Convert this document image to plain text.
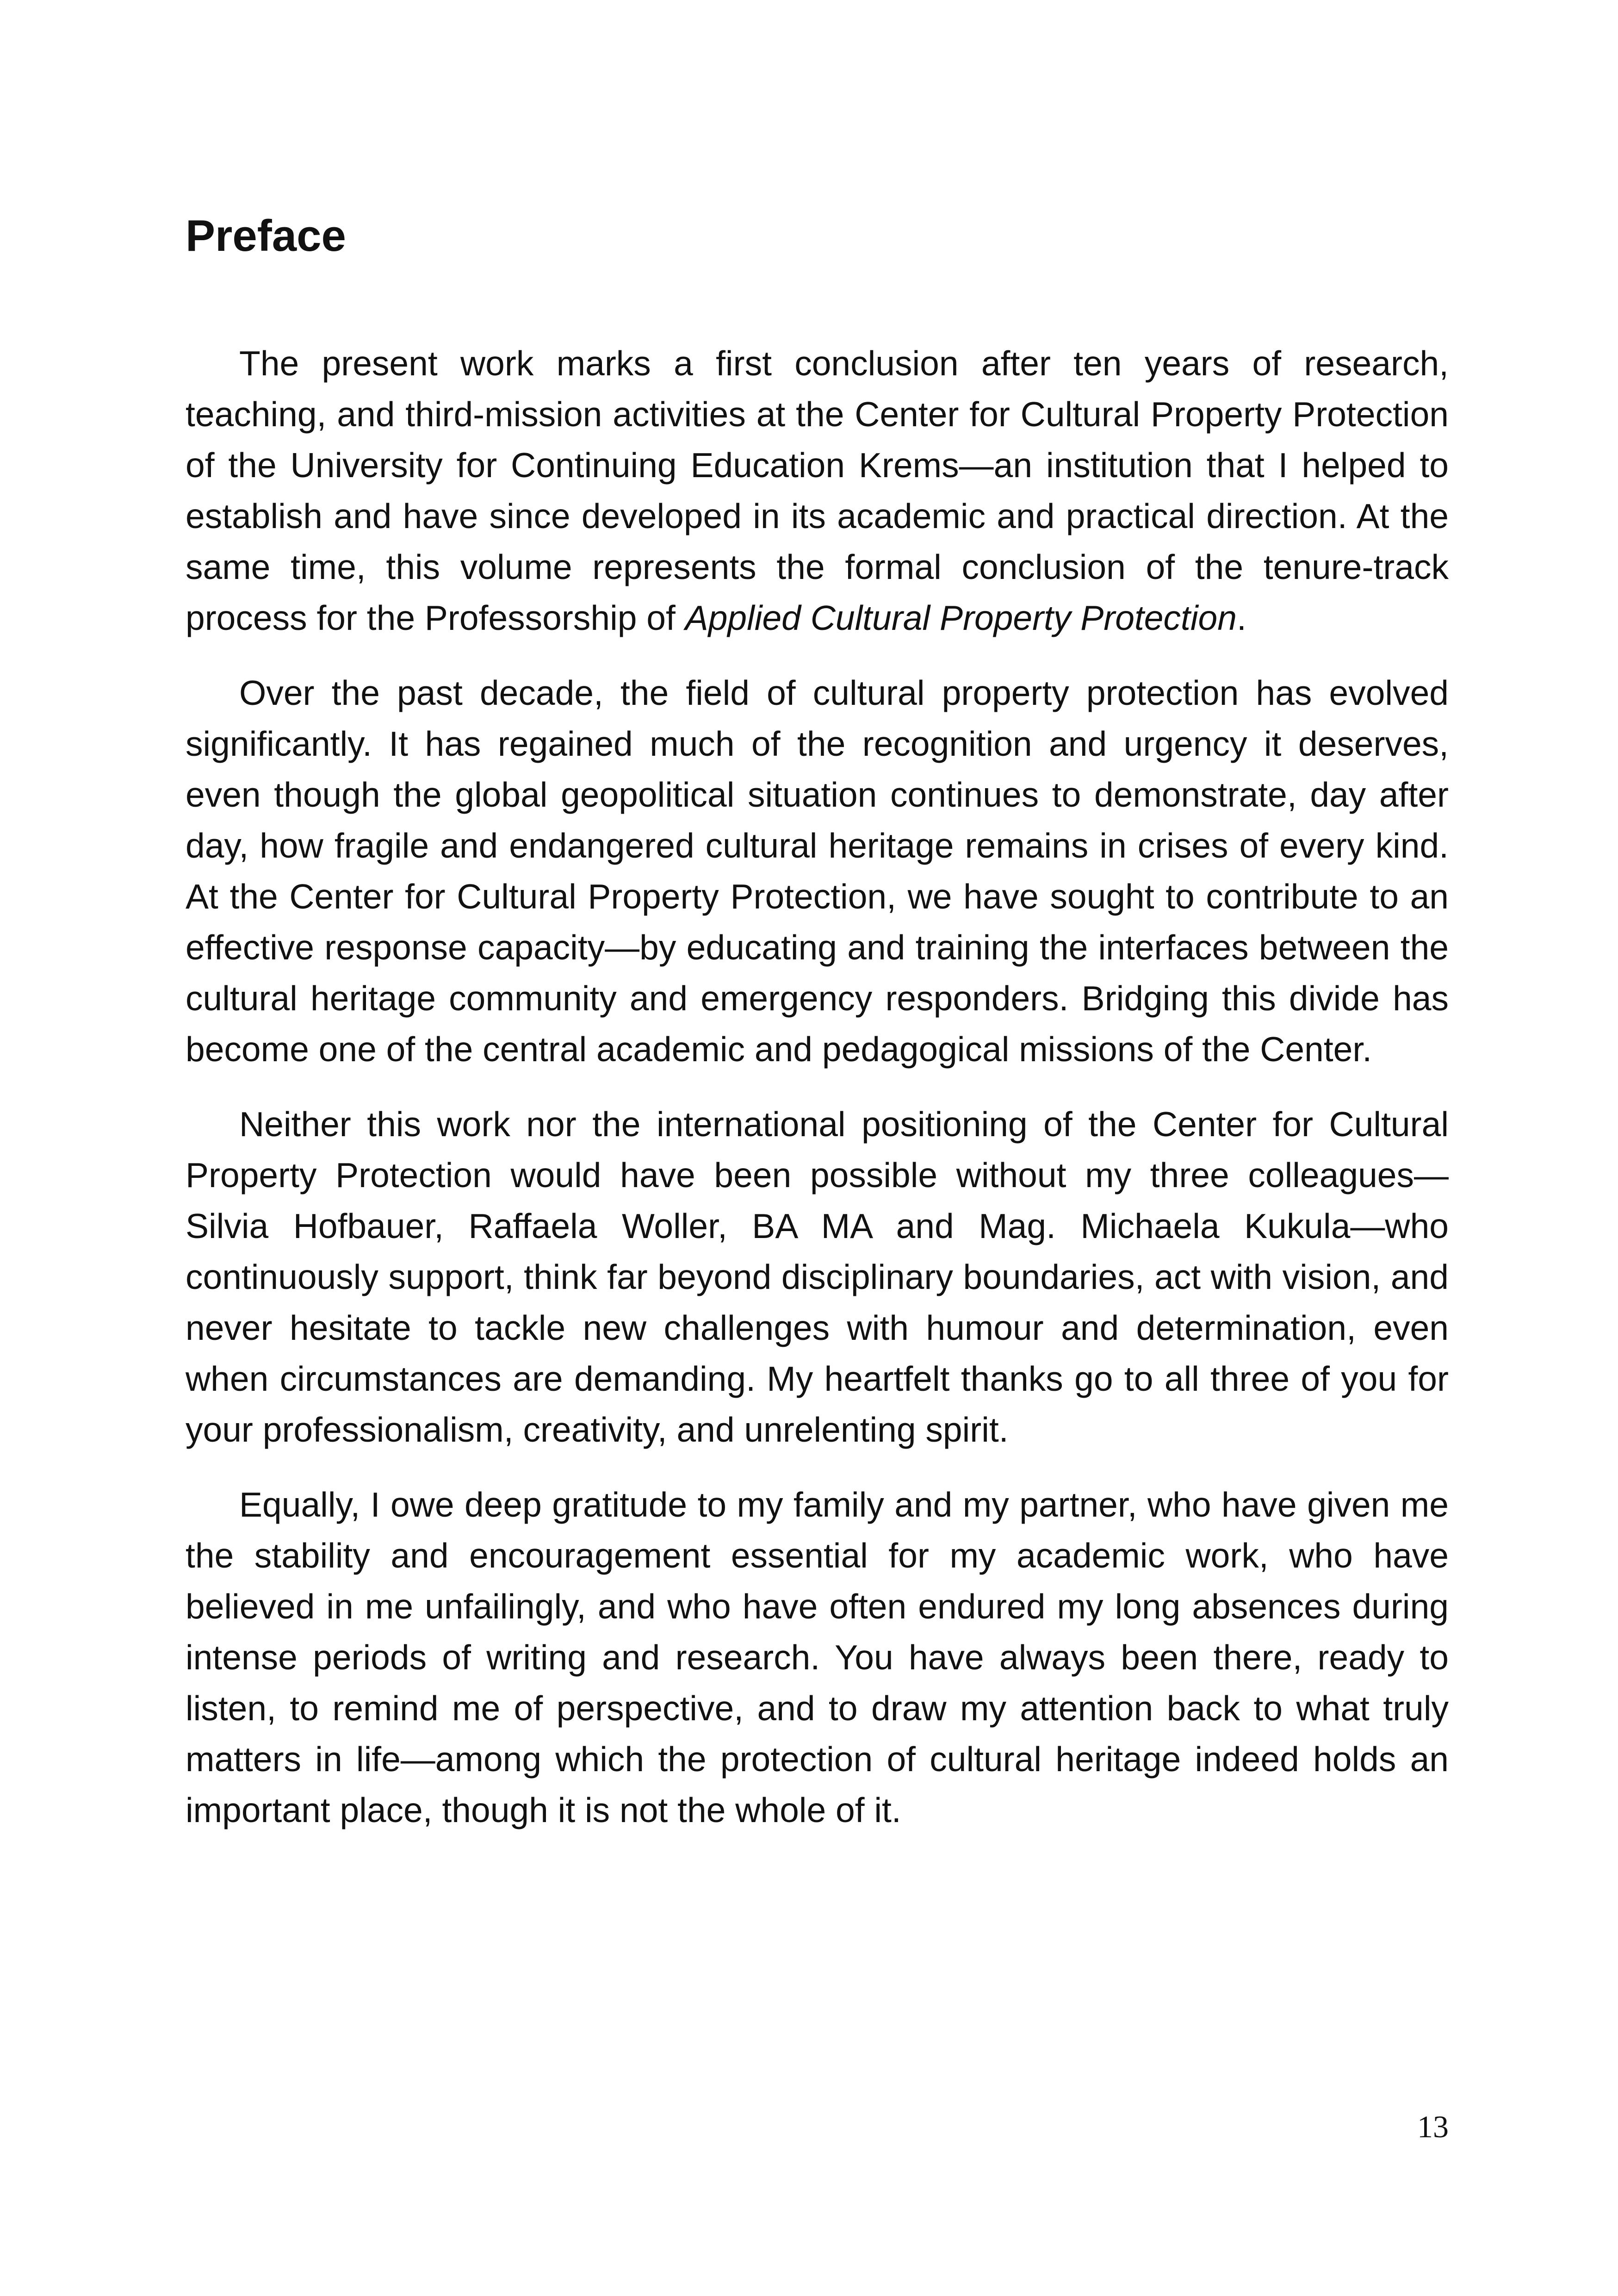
Preface

The present work marks a first conclusion after ten years of research, teaching, and third-mission activities at the Center for Cultural Property Protection of the University for Continuing Education Krems—an institution that I helped to establish and have since developed in its academic and practical direction. At the same time, this volume represents the formal conclusion of the tenure-track process for the Professorship of Applied Cultural Property Protection.

Over the past decade, the field of cultural property protection has evolved significantly. It has regained much of the recognition and urgency it deserves, even though the global geopolitical situation continues to demonstrate, day after day, how fragile and endangered cultural heritage remains in crises of every kind. At the Center for Cultural Property Protection, we have sought to contribute to an effective response capacity—by educating and training the interfaces between the cultural heritage community and emergency responders. Bridging this divide has become one of the central academic and pedagogical missions of the Center.

Neither this work nor the international positioning of the Center for Cultural Property Protection would have been possible without my three colleagues—Silvia Hofbauer, Raffaela Woller, BA MA and Mag. Michaela Kukula—who continuously support, think far beyond disciplinary boundaries, act with vision, and never hesitate to tackle new challenges with humour and determination, even when circumstances are demanding. My heartfelt thanks go to all three of you for your professionalism, creativity, and unrelenting spirit.

Equally, I owe deep gratitude to my family and my partner, who have given me the stability and encouragement essential for my academic work, who have believed in me unfailingly, and who have often endured my long absences during intense periods of writing and research. You have always been there, ready to listen, to remind me of perspective, and to draw my attention back to what truly matters in life—among which the protection of cultural heritage indeed holds an important place, though it is not the whole of it.

13
